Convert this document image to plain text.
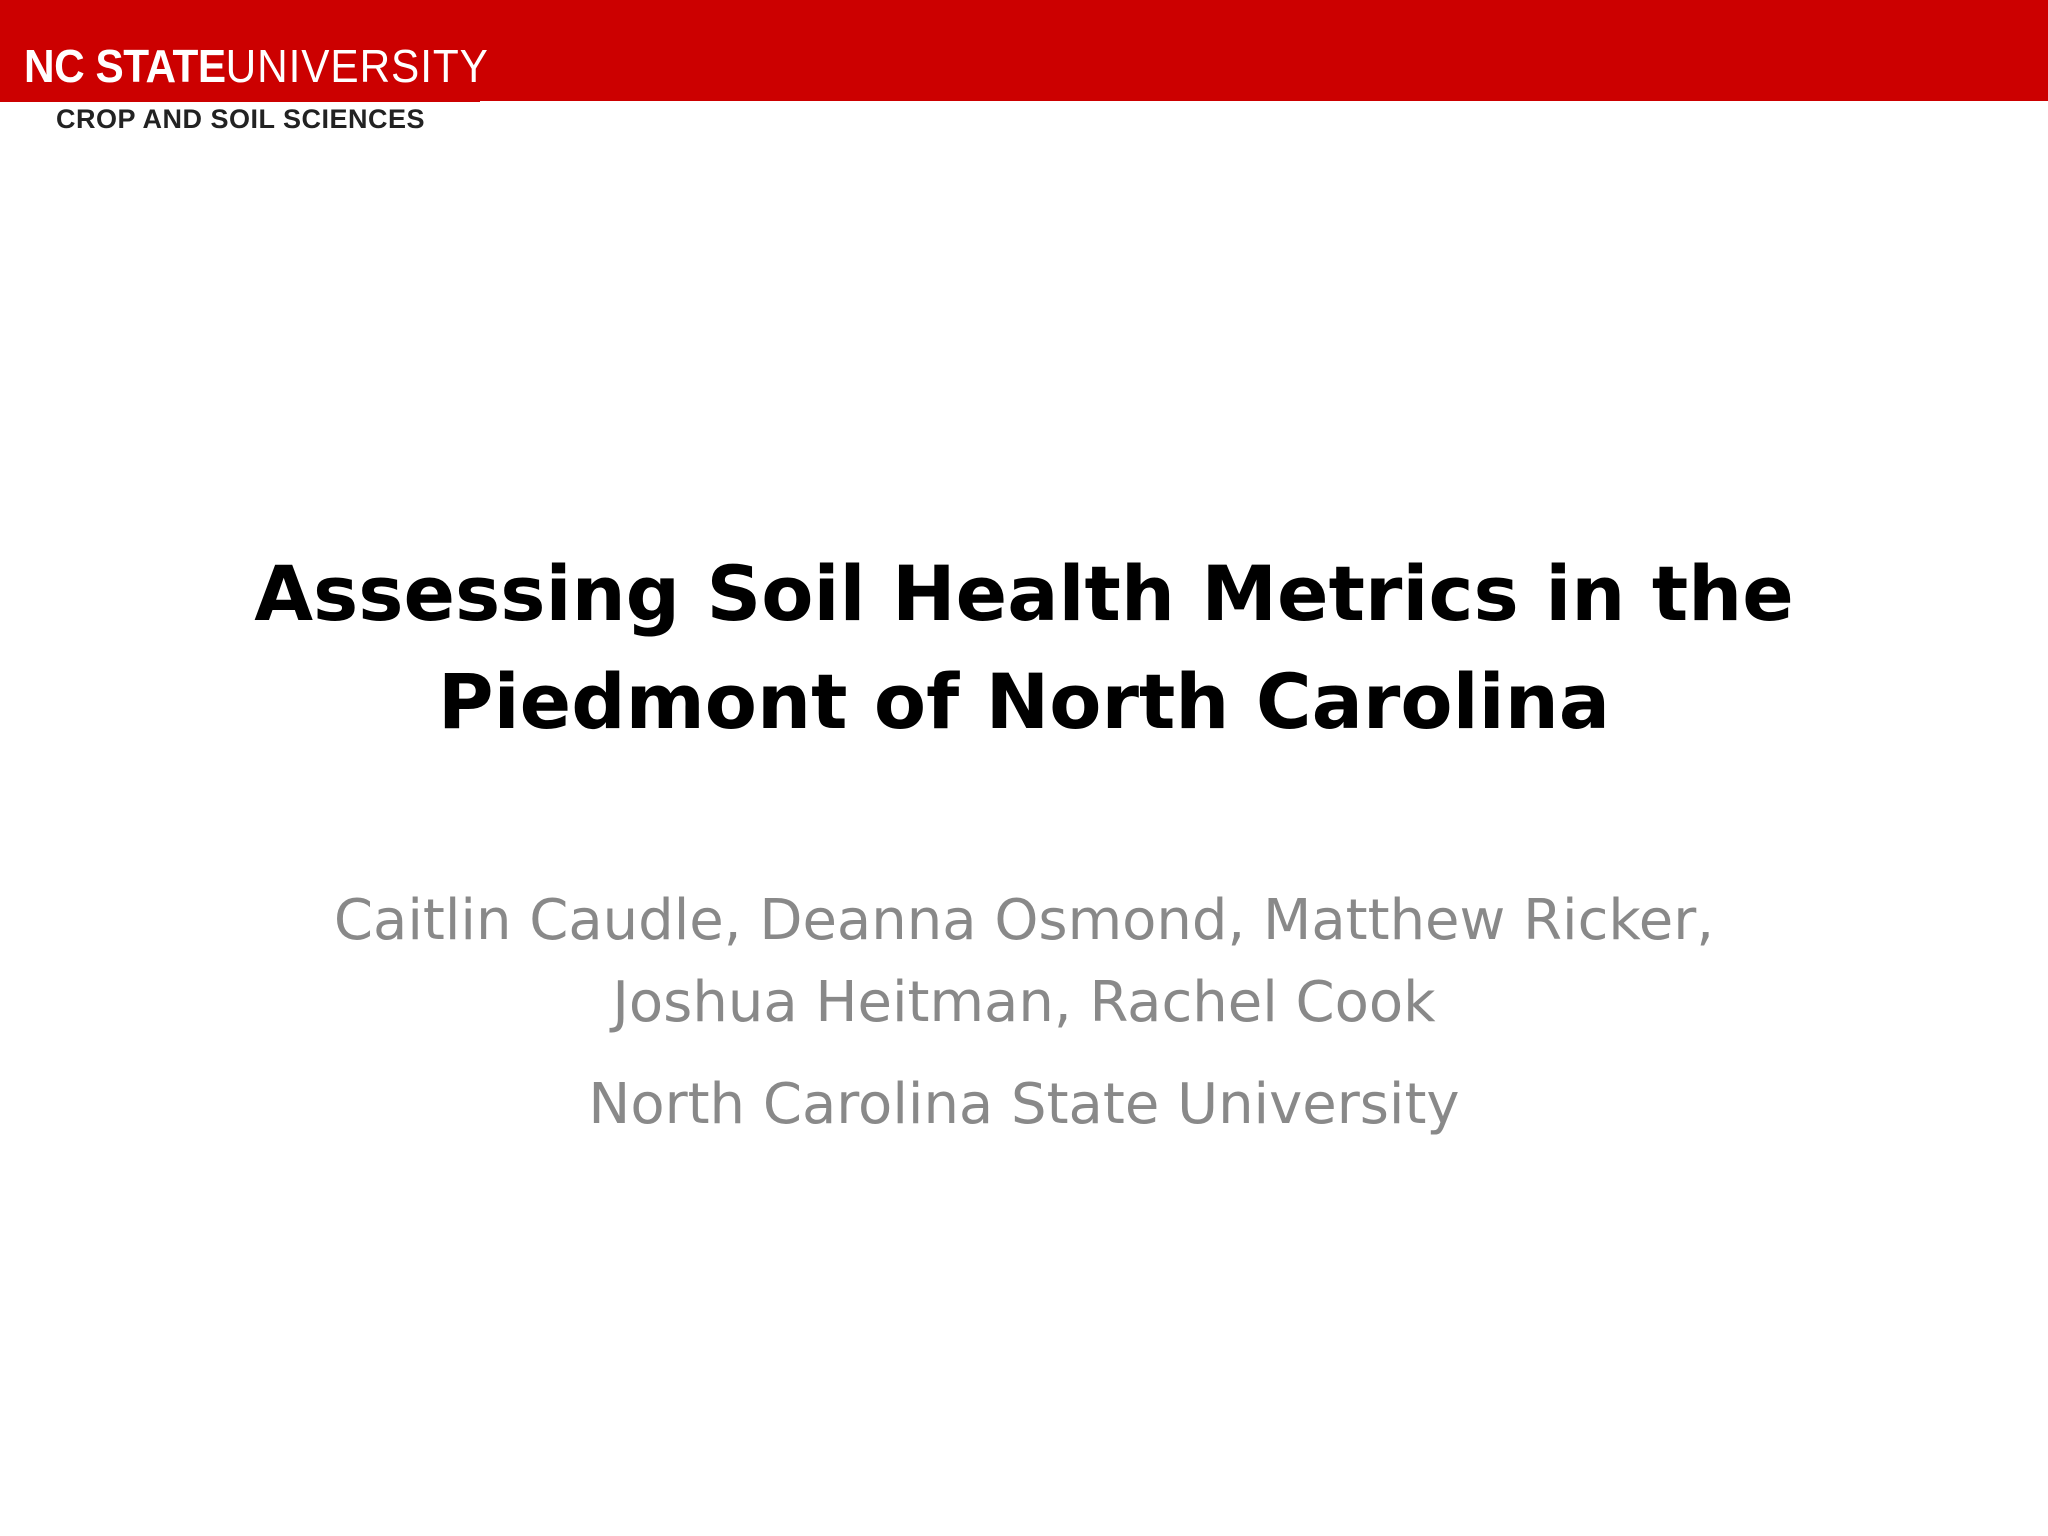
NC STATEUNIVERSITY
CROP AND SOIL SCIENCES
Assessing Soil Health Metrics in the
Piedmont of North Carolina

Caitlin Caudle, Deanna Osmond, Matthew Ricker,
Joshua Heitman, Rachel Cook

North Carolina State University
